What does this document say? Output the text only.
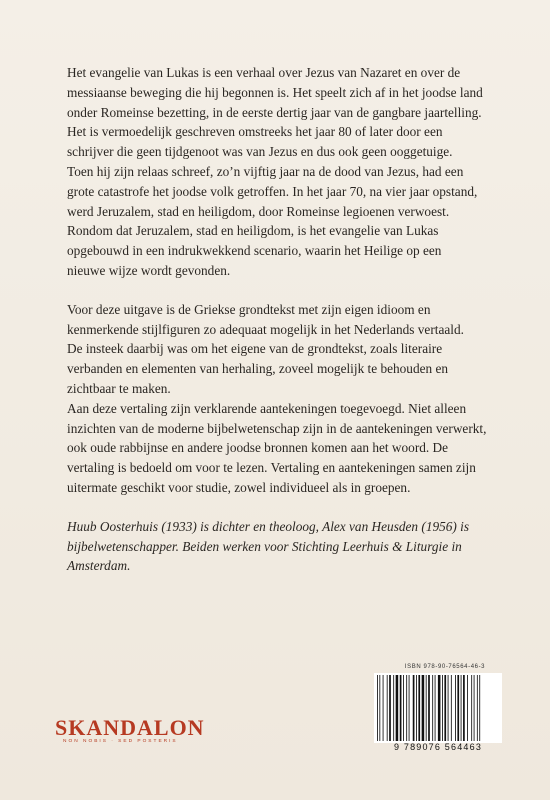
Het evangelie van Lukas is een verhaal over Jezus van Nazaret en over de
messiaanse beweging die hij begonnen is. Het speelt zich af in het joodse land
onder Romeinse bezetting, in de eerste dertig jaar van de gangbare jaartelling.
Het is vermoedelijk geschreven omstreeks het jaar 80 of later door een
schrijver die geen tijdgenoot was van Jezus en dus ook geen ooggetuige.
Toen hij zijn relaas schreef, zo’n vijftig jaar na de dood van Jezus, had een
grote catastrofe het joodse volk getroffen. In het jaar 70, na vier jaar opstand,
werd Jeruzalem, stad en heiligdom, door Romeinse legioenen verwoest.
Rondom dat Jeruzalem, stad en heiligdom, is het evangelie van Lukas
opgebouwd in een indrukwekkend scenario, waarin het Heilige op een
nieuwe wijze wordt gevonden.

Voor deze uitgave is de Griekse grondtekst met zijn eigen idioom en
kenmerkende stijlfiguren zo adequaat mogelijk in het Nederlands vertaald.
De insteek daarbij was om het eigene van de grondtekst, zoals literaire
verbanden en elementen van herhaling, zoveel mogelijk te behouden en
zichtbaar te maken.

Aan deze vertaling zijn verklarende aantekeningen toegevoegd. Niet alleen
inzichten van de moderne bijbelwetenschap zijn in de aantekeningen verwerkt,
ook oude rabbijnse en andere joodse bronnen komen aan het woord. De
vertaling is bedoeld om voor te lezen. Vertaling en aantekeningen samen zijn
uitermate geschikt voor studie, zowel individueel als in groepen.

Huub Oosterhuis (1933) is dichter en theoloog, Alex van Heusden (1956) is
bijbelwetenschapper. Beiden werken voor Stichting Leerhuis & Liturgie in Amsterdam.

SKANDALON
NON NOBIS · SED POSTERIS
ISBN 978-90-76564-46-3
9 789076 564463
